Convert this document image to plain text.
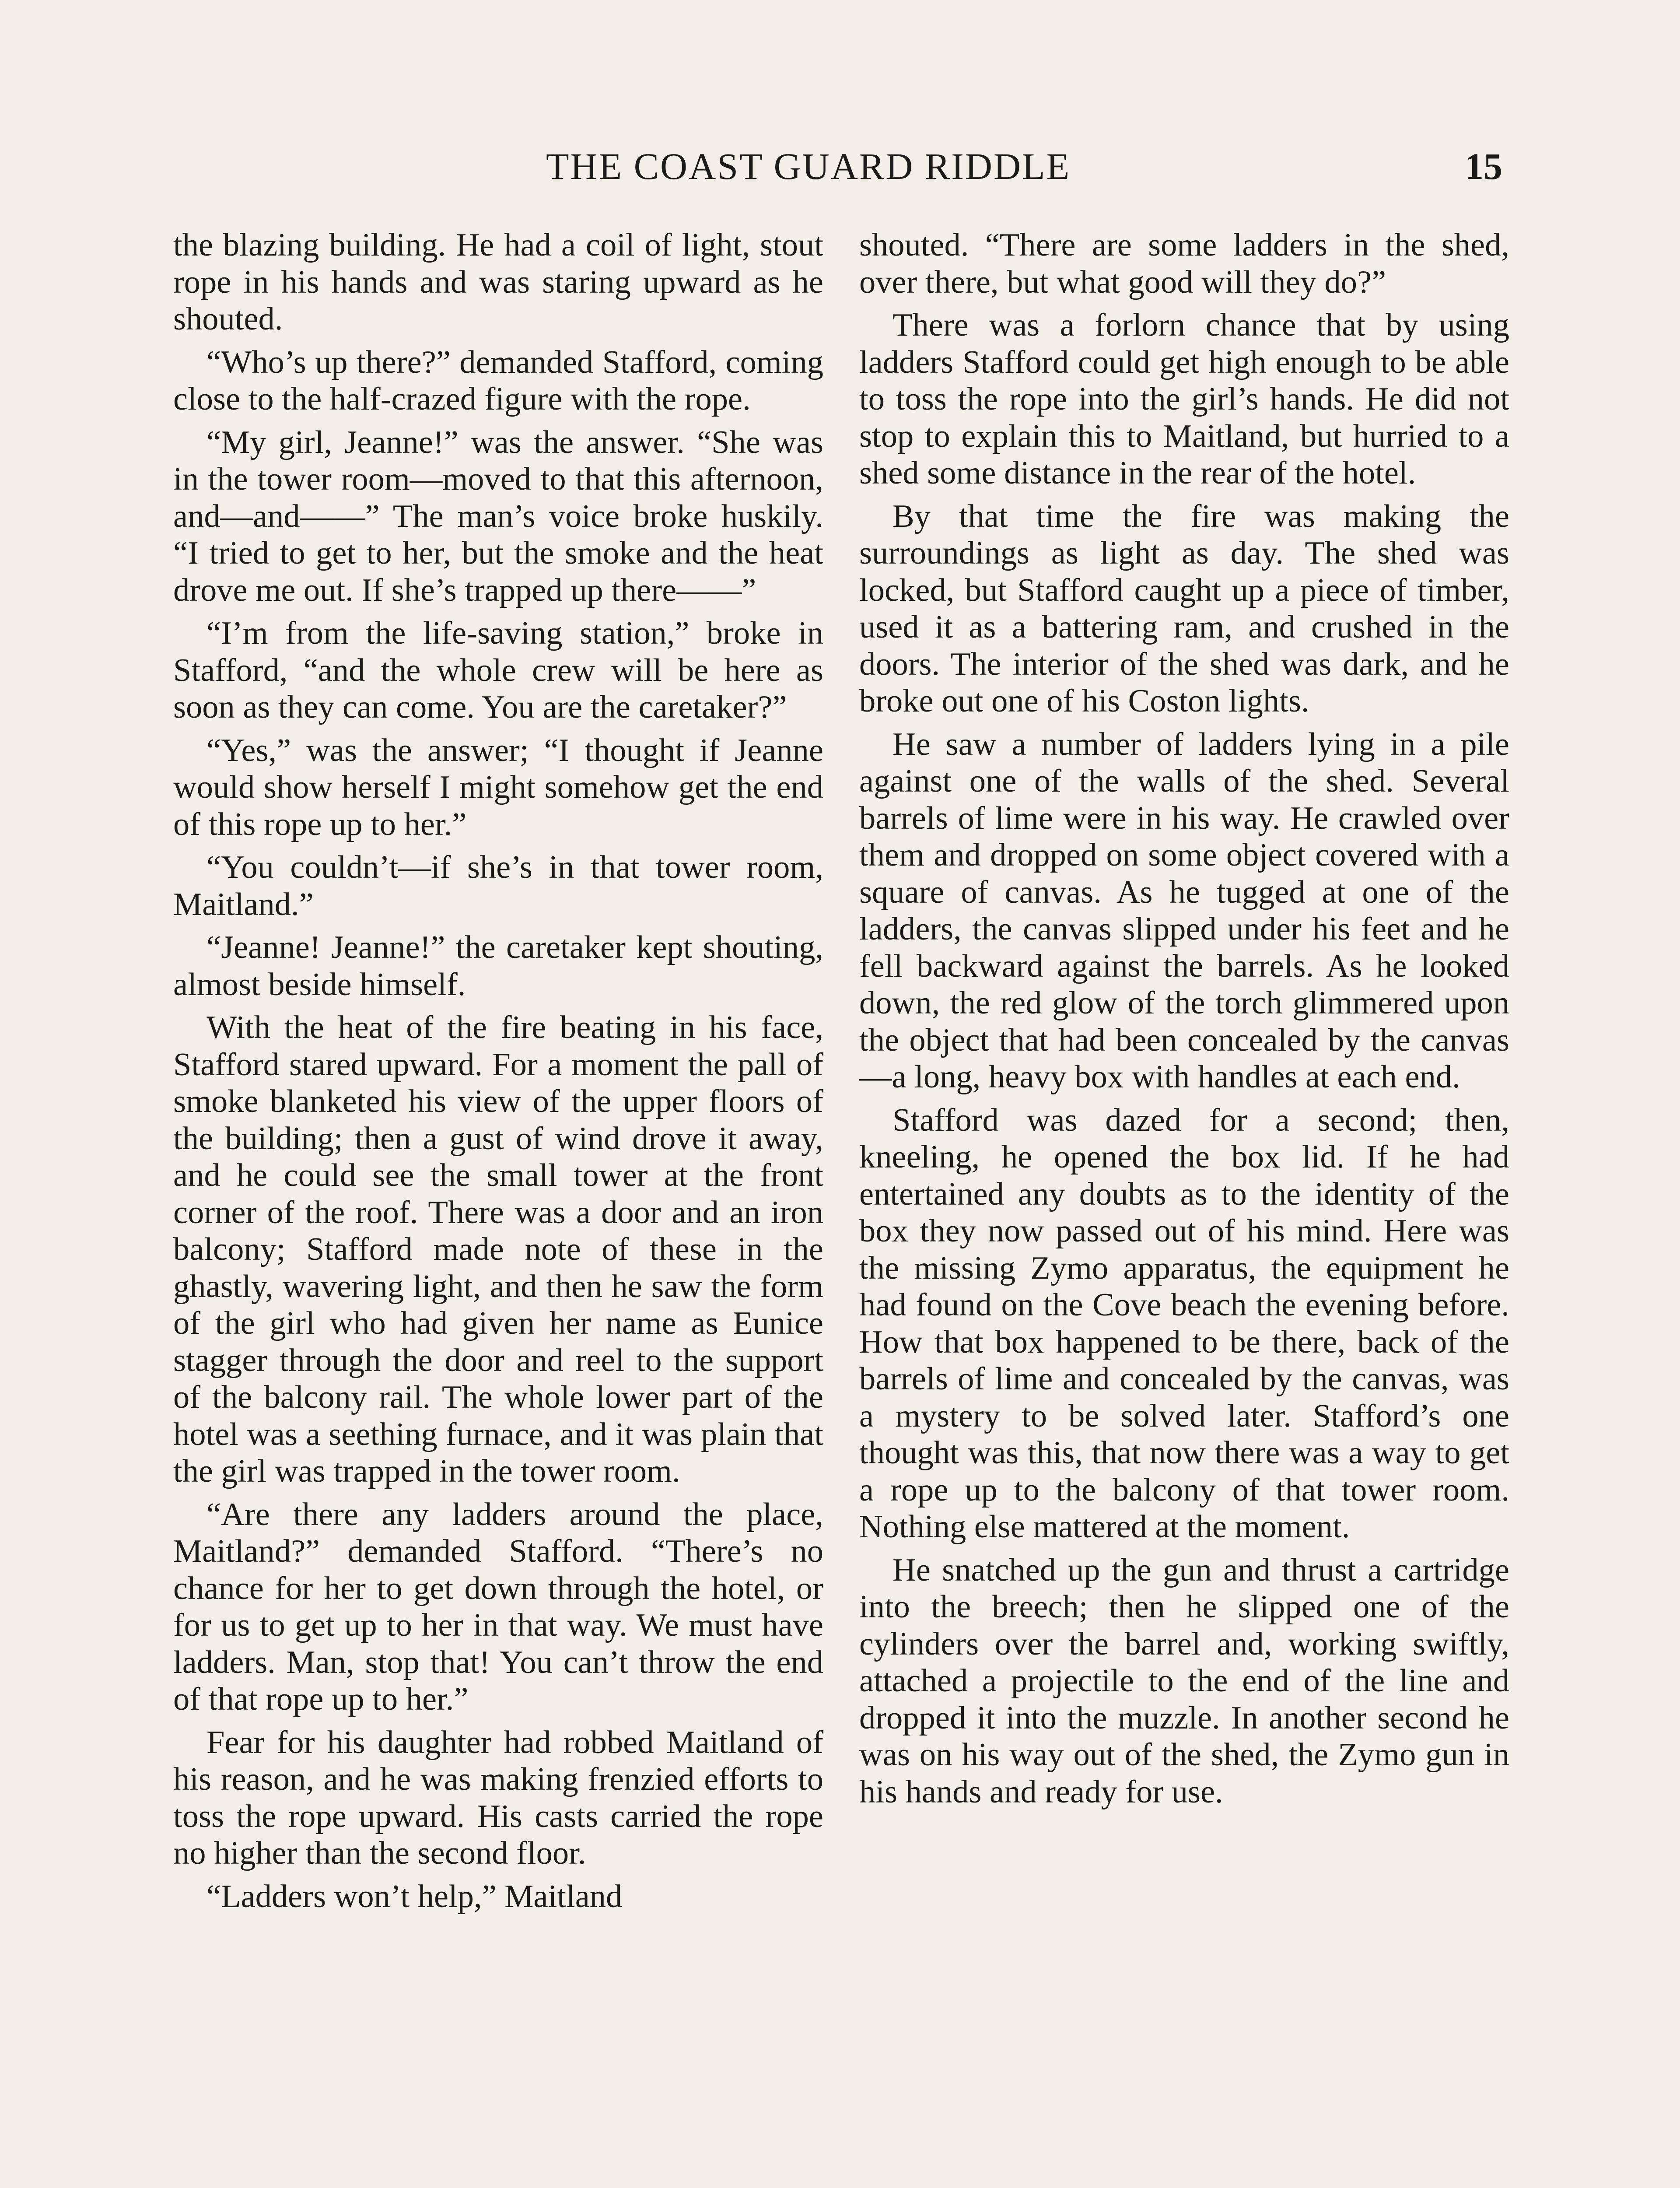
THE COAST GUARD RIDDLE	15

the blazing building. He had a coil of light, stout rope in his hands and was staring upward as he shouted.

“Who’s up there?” demanded Stafford, coming close to the half-crazed figure with the rope.

“My girl, Jeanne!” was the answer. “She was in the tower room—moved to that this afternoon, and—and——” The man’s voice broke huskily. “I tried to get to her, but the smoke and the heat drove me out. If she’s trapped up there——”

“I’m from the life-saving station,” broke in Stafford, “and the whole crew will be here as soon as they can come. You are the caretaker?”

“Yes,” was the answer; “I thought if Jeanne would show herself I might somehow get the end of this rope up to her.”

“You couldn’t—if she’s in that tower room, Maitland.”

“Jeanne! Jeanne!” the caretaker kept shouting, almost beside himself.

With the heat of the fire beating in his face, Stafford stared upward. For a moment the pall of smoke blanketed his view of the upper floors of the building; then a gust of wind drove it away, and he could see the small tower at the front corner of the roof. There was a door and an iron balcony; Stafford made note of these in the ghastly, wavering light, and then he saw the form of the girl who had given her name as Eunice stagger through the door and reel to the support of the balcony rail. The whole lower part of the hotel was a seething furnace, and it was plain that the girl was trapped in the tower room.

“Are there any ladders around the place, Maitland?” demanded Stafford. “There’s no chance for her to get down through the hotel, or for us to get up to her in that way. We must have ladders. Man, stop that! You can’t throw the end of that rope up to her.”

Fear for his daughter had robbed Maitland of his reason, and he was making frenzied efforts to toss the rope upward. His casts carried the rope no higher than the second floor.

“Ladders won’t help,” Maitland

shouted. “There are some ladders in the shed, over there, but what good will they do?”

There was a forlorn chance that by using ladders Stafford could get high enough to be able to toss the rope into the girl’s hands. He did not stop to explain this to Maitland, but hurried to a shed some distance in the rear of the hotel.

By that time the fire was making the surroundings as light as day. The shed was locked, but Stafford caught up a piece of timber, used it as a battering ram, and crushed in the doors. The interior of the shed was dark, and he broke out one of his Coston lights.

He saw a number of ladders lying in a pile against one of the walls of the shed. Several barrels of lime were in his way. He crawled over them and dropped on some object covered with a square of canvas. As he tugged at one of the ladders, the canvas slipped under his feet and he fell backward against the barrels. As he looked down, the red glow of the torch glimmered upon the object that had been concealed by the canvas—a long, heavy box with handles at each end.

Stafford was dazed for a second; then, kneeling, he opened the box lid. If he had entertained any doubts as to the identity of the box they now passed out of his mind. Here was the missing Zymo apparatus, the equipment he had found on the Cove beach the evening before. How that box happened to be there, back of the barrels of lime and concealed by the canvas, was a mystery to be solved later. Stafford’s one thought was this, that now there was a way to get a rope up to the balcony of that tower room. Nothing else mattered at the moment.

He snatched up the gun and thrust a cartridge into the breech; then he slipped one of the cylinders over the barrel and, working swiftly, attached a projectile to the end of the line and dropped it into the muzzle. In another second he was on his way out of the shed, the Zymo gun in his hands and ready for use.
